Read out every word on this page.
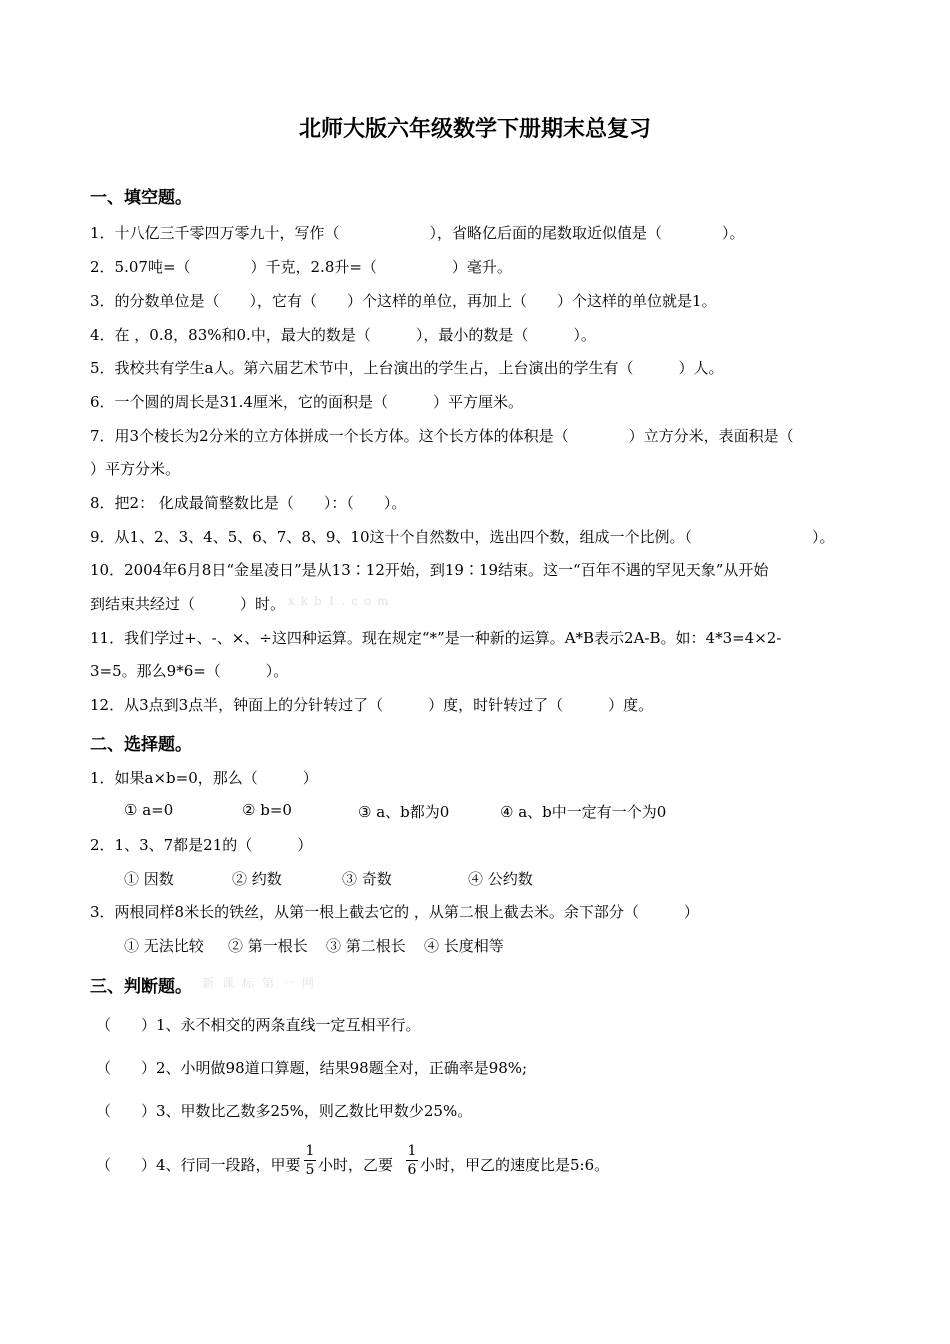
北师大版六年级数学下册期末总复习
一、填空题。
1．十八亿三千零四万零九十，写作（　　　　　　），省略亿后面的尾数取近似值是（　　　　）。
2．5.07吨=（　　　　）千克，2.8升=（　　　　　）毫升。
3．的分数单位是（　　），它有（　　）个这样的单位，再加上（　　）个这样的单位就是1。
4．在 ，0.8，83%和0.中，最大的数是（　　　），最小的数是（　　　）。
5．我校共有学生a人。第六届艺术节中，上台演出的学生占，上台演出的学生有（　　　）人。
6．一个圆的周长是31.4厘米，它的面积是（　　　）平方厘米。
7．用3个棱长为2分米的立方体拼成一个长方体。这个长方体的体积是（　　　　）立方分米，表面积是（
）平方分米。
8．把2： 化成最简整数比是（　　）：（　　）。
9．从1、2、3、4、5、6、7、8、9、10这十个自然数中，选出四个数，组成一个比例。（　　　　　　　　）。
10．2004年6月8日“金星凌日”是从13∶12开始，到19∶19结束。这一“百年不遇的罕见天象”从开始
到结束共经过（　　　）时。 xkb1.com
11．我们学过+、-、×、÷这四种运算。现在规定“*”是一种新的运算。A*B表示2A-B。如：4*3=4×2-
3=5。那么9*6=（　　　）。
12．从3点到3点半，钟面上的分针转过了（　　　）度，时针转过了（　　　）度。
二、选择题。
1．如果a×b=0，那么（　　　）
① a=0	② b=0	③ a、b都为0	④ a、b中一定有一个为0
2．1、3、7都是21的（　　　）
① 因数	② 约数	③ 奇数	④ 公约数
3．两根同样8米长的铁丝，从第一根上截去它的 ，从第二根上截去米。余下部分（　　　）
① 无法比较 ② 第一根长 ③ 第二根长 ④ 长度相等
三、判断题。 新课标第一网
（　　）1、永不相交的两条直线一定互相平行。
（　　）2、小明做98道口算题，结果98题全对，正确率是98%;
（　　）3、甲数比乙数多25%，则乙数比甲数少25%。
（　　）4、行同一段路，甲要
1
5 小时，乙要
1
6 小时，甲乙的速度比是5:6。
